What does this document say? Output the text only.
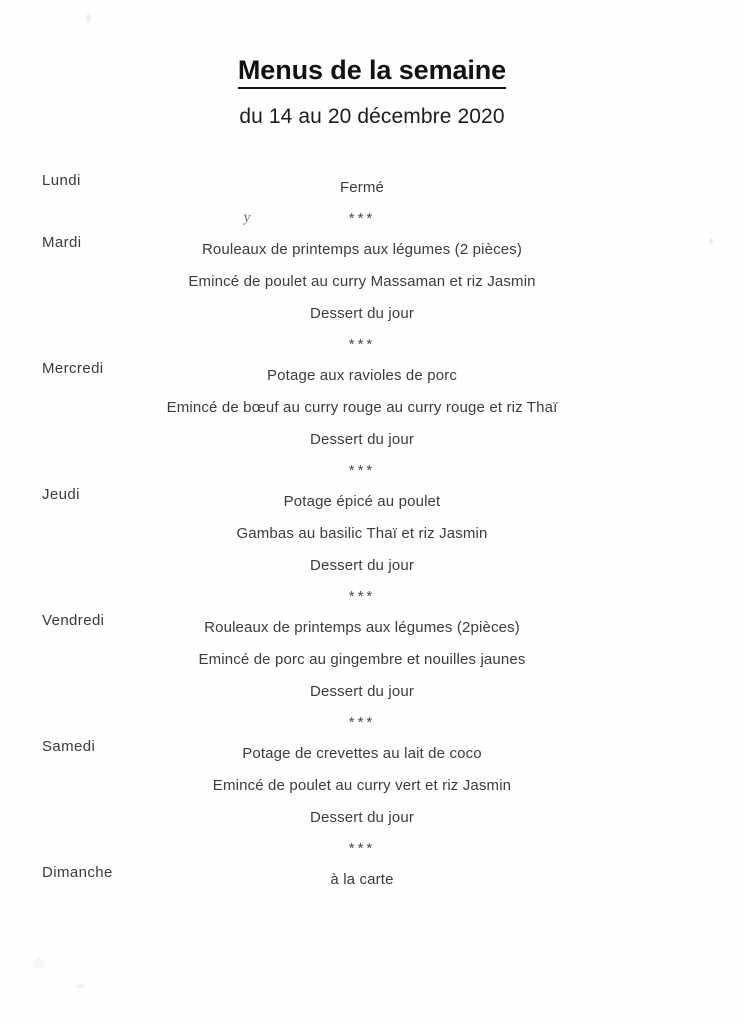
Menus de la semaine
du 14 au 20 décembre 2020
Lundi	Fermé
***
Mardi	Rouleaux de printemps aux légumes (2 pièces)
Emincé de poulet au curry Massaman et riz Jasmin
Dessert du jour
***
Mercredi	Potage aux ravioles de porc
Emincé de bœuf au curry rouge au curry rouge et riz Thaï
Dessert du jour
***
Jeudi	Potage épicé au poulet
Gambas au basilic Thaï et riz Jasmin
Dessert du jour
***
Vendredi	Rouleaux de printemps aux légumes (2pièces)
Emincé de porc au gingembre et nouilles jaunes
Dessert du jour
***
Samedi	Potage de crevettes au lait de coco
Emincé de poulet au curry vert et riz Jasmin
Dessert du jour
***
Dimanche	à la carte
y
